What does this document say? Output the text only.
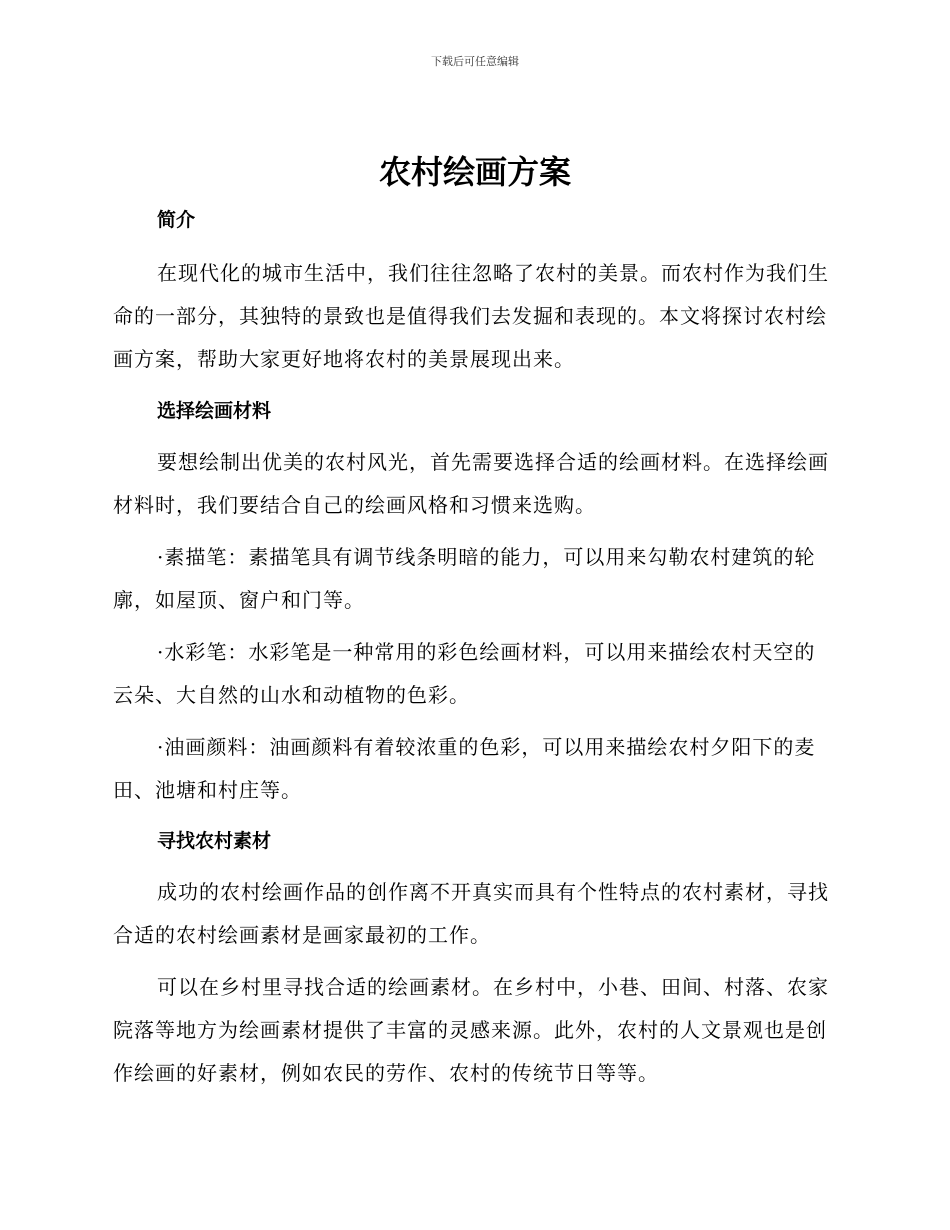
下载后可任意编辑
农村绘画方案
简介

在现代化的城市生活中，我们往往忽略了农村的美景。而农村作为我们生命的一部分，其独特的景致也是值得我们去发掘和表现的。本文将探讨农村绘画方案，帮助大家更好地将农村的美景展现出来。

选择绘画材料

要想绘制出优美的农村风光，首先需要选择合适的绘画材料。在选择绘画材料时，我们要结合自己的绘画风格和习惯来选购。

·素描笔：素描笔具有调节线条明暗的能力，可以用来勾勒农村建筑的轮廓，如屋顶、窗户和门等。

·水彩笔：水彩笔是一种常用的彩色绘画材料，可以用来描绘农村天空的云朵、大自然的山水和动植物的色彩。

·油画颜料：油画颜料有着较浓重的色彩，可以用来描绘农村夕阳下的麦田、池塘和村庄等。

寻找农村素材

成功的农村绘画作品的创作离不开真实而具有个性特点的农村素材，寻找合适的农村绘画素材是画家最初的工作。

可以在乡村里寻找合适的绘画素材。在乡村中，小巷、田间、村落、农家院落等地方为绘画素材提供了丰富的灵感来源。此外，农村的人文景观也是创作绘画的好素材，例如农民的劳作、农村的传统节日等等。
